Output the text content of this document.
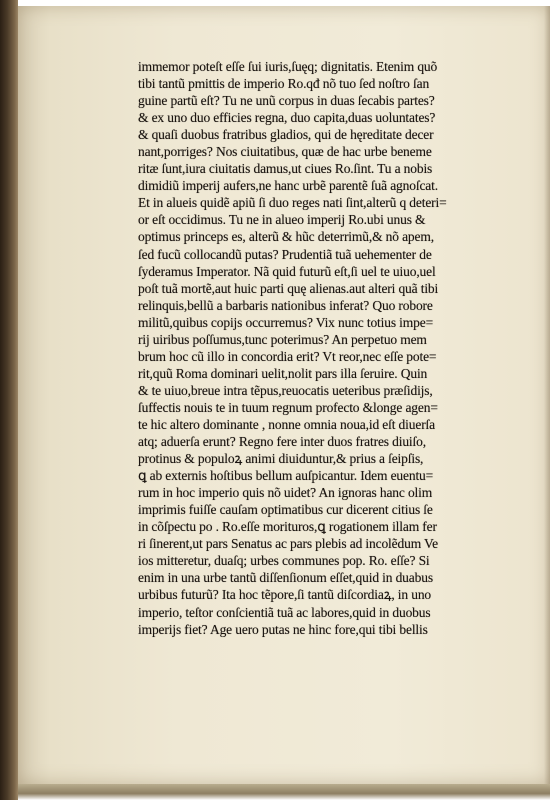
immemor poteſt eſſe ſui iuris,ſuęq; dignitatis. Etenim quõ
tibi tantũ pmittis de imperio Ro.qđ nõ tuo ſed noſtro ſan
guine partũ eſt? Tu ne unũ corpus in duas ſecabis partes?
& ex uno duo efficies regna, duo capita,duas uoluntates?
& quaſi duobus fratribus gladios, qui de hęreditate decer
nant,porriges? Nos ciuitatibus, quæ de hac urbe beneme
ritæ ſunt,iura ciuitatis damus,ut ciues Ro.ſint. Tu a nobis
dimidiũ imperij aufers,ne hanc urbẽ parentẽ ſuã agnoſcat.
Et in alueis quidẽ apiũ ſi duo reges nati ſint,alterũ q deteri=
or eſt occidimus. Tu ne in alueo imperij Ro.ubi unus &
optimus princeps es, alterũ & hũc deterrimũ,& nõ apem,
ſed fucũ collocandũ putas? Prudentiã tuã uehementer de
ſyderamus Imperator. Nã quid futurũ eſt,ſi uel te uiuo,uel
poſt tuã mortẽ,aut huic parti quę alienas.aut alteri quã tibi
relinquis,bellũ a barbaris nationibus inferat? Quo robore
militũ,quibus copijs occurremus? Vix nunc totius impe=
rij uiribus poſſumus,tunc poterimus? An perpetuo mem
brum hoc cũ illo in concordia erit? Vt reor,nec eſſe pote=
rit,quũ Roma dominari uelit,nolit pars illa ſeruire. Quin
& te uiuo,breue intra tẽpus,reuocatis ueteribus præſidijs,
ſuffectis nouis te in tuum regnum profecto &longe agen=
te hic altero dominante , nonne omnia noua,id eſt diuerſa
atq; aduerſa erunt? Regno fere inter duos fratres diuiſo,
protinus & populoꝝ animi diuiduntur,& prius a ſeipſis,
ꝗ ab externis hoſtibus bellum auſpicantur. Idem euentu=
rum in hoc imperio quis nõ uidet? An ignoras hanc olim
imprimis fuiſſe cauſam optimatibus cur dicerent citius ſe
in cõſpectu po . Ro.eſſe morituros,ꝗ rogationem illam fer
ri ſinerent,ut pars Senatus ac pars plebis ad incolẽdum Ve
ios mitteretur, duaſq; urbes communes pop. Ro. eſſe? Si
enim in una urbe tantũ diſſenſionum eſſet,quid in duabus
urbibus futurũ? Ita hoc tẽpore,ſi tantũ diſcordiaꝝ, in uno
imperio, teſtor conſcientiã tuã ac labores,quid in duobus
imperijs fiet? Age uero putas ne hinc fore,qui tibi bellis
